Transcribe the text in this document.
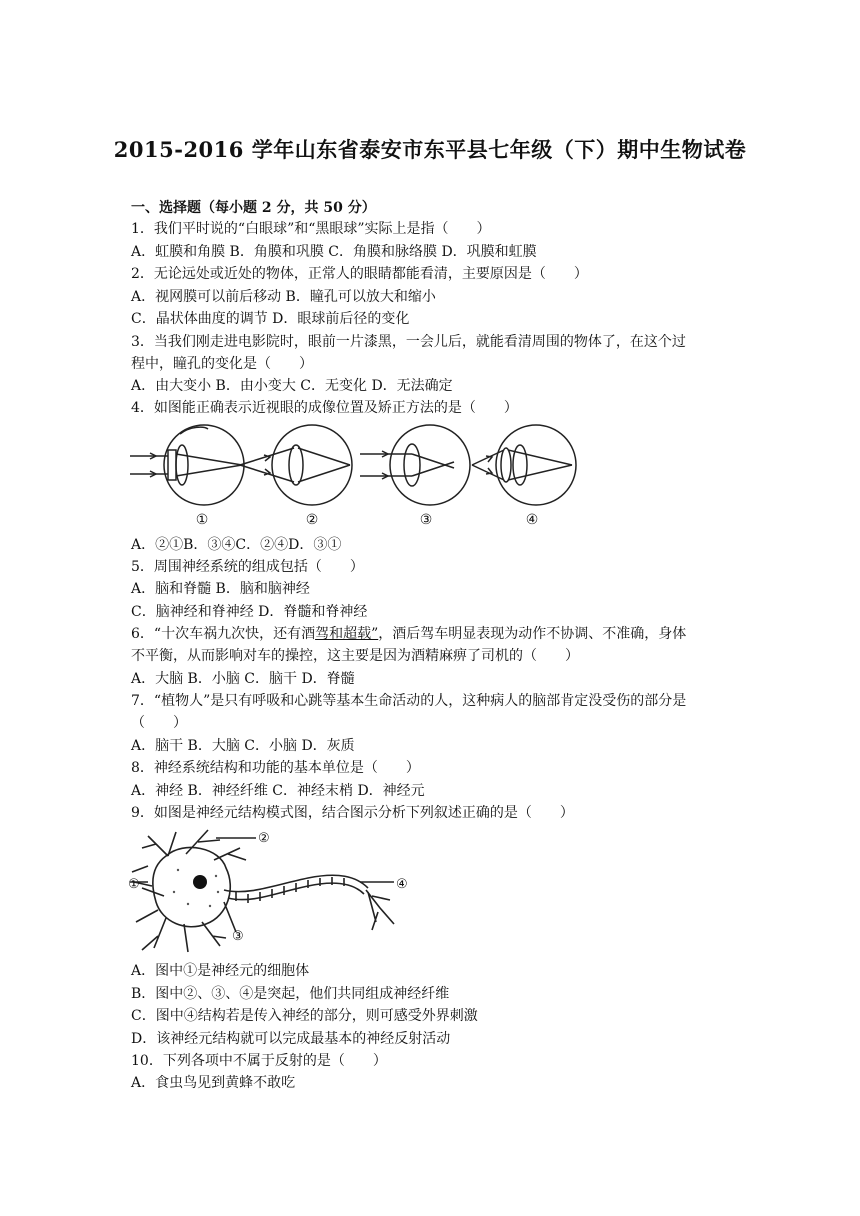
2015-2016 学年山东省泰安市东平县七年级（下）期中生物试卷
一、选择题（每小题 2 分，共 50 分）
1．我们平时说的“白眼球”和“黑眼球”实际上是指（　　）
A．虹膜和角膜 B．角膜和巩膜 C．角膜和脉络膜 D．巩膜和虹膜
2．无论远处或近处的物体，正常人的眼睛都能看清，主要原因是（　　）
A．视网膜可以前后移动 B．瞳孔可以放大和缩小
C．晶状体曲度的调节 D．眼球前后径的变化
3．当我们刚走进电影院时，眼前一片漆黑，一会儿后，就能看清周围的物体了，在这个过
程中，瞳孔的变化是（　　）
A．由大变小 B．由小变大 C．无变化 D．无法确定
4．如图能正确表示近视眼的成像位置及矫正方法的是（　　）
①	②	③	④
A．②①B．③④C．②④D．③①
5．周围神经系统的组成包括（　　）
A．脑和脊髓 B．脑和脑神经
C．脑神经和脊神经 D．脊髓和脊神经
6．“十次车祸九次快，还有酒驾和超载”，酒后驾车明显表现为动作不协调、不准确，身体
不平衡，从而影响对车的操控，这主要是因为酒精麻痹了司机的（　　）
A．大脑 B．小脑 C．脑干 D．脊髓
7．“植物人”是只有呼吸和心跳等基本生命活动的人，这种病人的脑部肯定没受伤的部分是
（　　）
A．脑干 B．大脑 C．小脑 D．灰质
8．神经系统结构和功能的基本单位是（　　）
A．神经 B．神经纤维 C．神经末梢 D．神经元
9．如图是神经元结构模式图，结合图示分析下列叙述正确的是（　　）
②
①
③
④
A．图中①是神经元的细胞体
B．图中②、③、④是突起，他们共同组成神经纤维
C．图中④结构若是传入神经的部分，则可感受外界刺激
D．该神经元结构就可以完成最基本的神经反射活动
10．下列各项中不属于反射的是（　　）
A．食虫鸟见到黄蜂不敢吃
